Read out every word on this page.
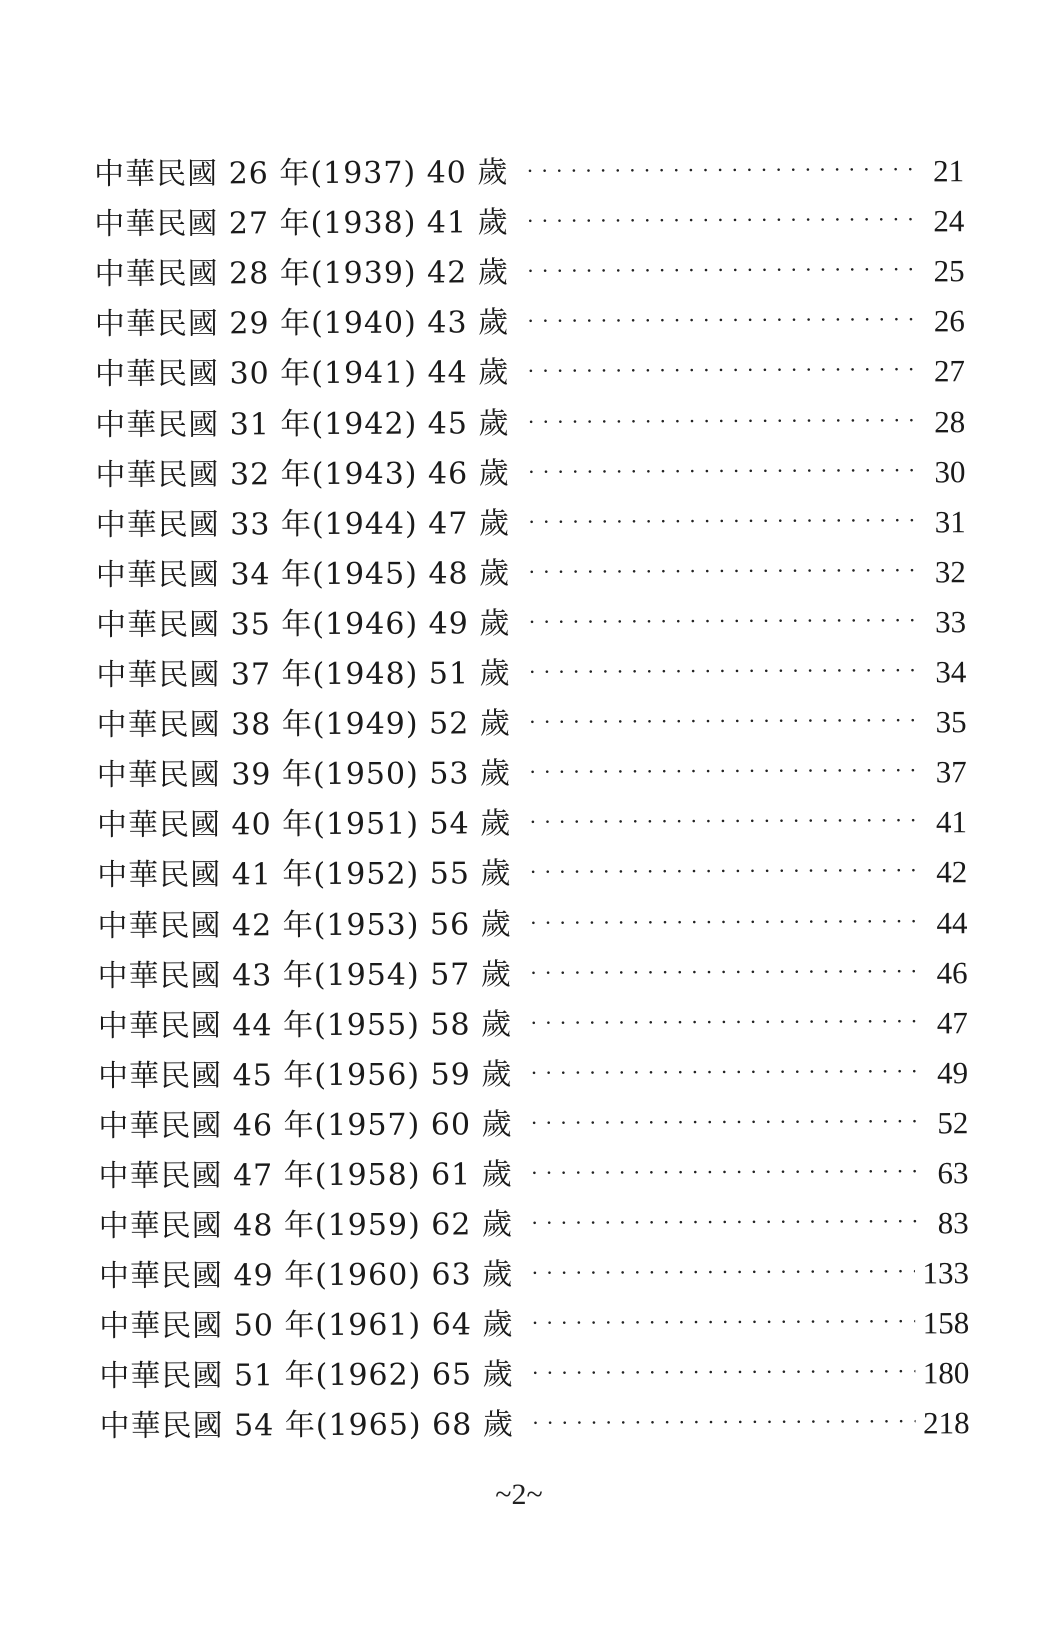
中華民國 26 年(1937) 40 歲 · · ·	21
中華民國 27 年(1938) 41 歲 · · ·	24
中華民國 28 年(1939) 42 歲 · · ·	25
中華民國 29 年(1940) 43 歲 · · ·	26
中華民國 30 年(1941) 44 歲 · · ·	27
中華民國 31 年(1942) 45 歲 · · ·	28
中華民國 32 年(1943) 46 歲 · · ·	30
中華民國 33 年(1944) 47 歲 · · ·	31
中華民國 34 年(1945) 48 歲 · · ·	32
中華民國 35 年(1946) 49 歲 · · ·	33
中華民國 37 年(1948) 51 歲 · · ·	34
中華民國 38 年(1949) 52 歲 · · ·	35
中華民國 39 年(1950) 53 歲 · · ·	37
中華民國 40 年(1951) 54 歲 · · ·	41
中華民國 41 年(1952) 55 歲 · · ·	42
中華民國 42 年(1953) 56 歲 · · ·	44
中華民國 43 年(1954) 57 歲 · · ·	46
中華民國 44 年(1955) 58 歲 · · ·	47
中華民國 45 年(1956) 59 歲 · · ·	49
中華民國 46 年(1957) 60 歲 · · ·	52
中華民國 47 年(1958) 61 歲 · · ·	63
中華民國 48 年(1959) 62 歲 · · ·	83
中華民國 49 年(1960) 63 歲 · · ·	133
中華民國 50 年(1961) 64 歲 · · ·	158
中華民國 51 年(1962) 65 歲 · · ·	180
中華民國 54 年(1965) 68 歲 · · ·	218
~2~
